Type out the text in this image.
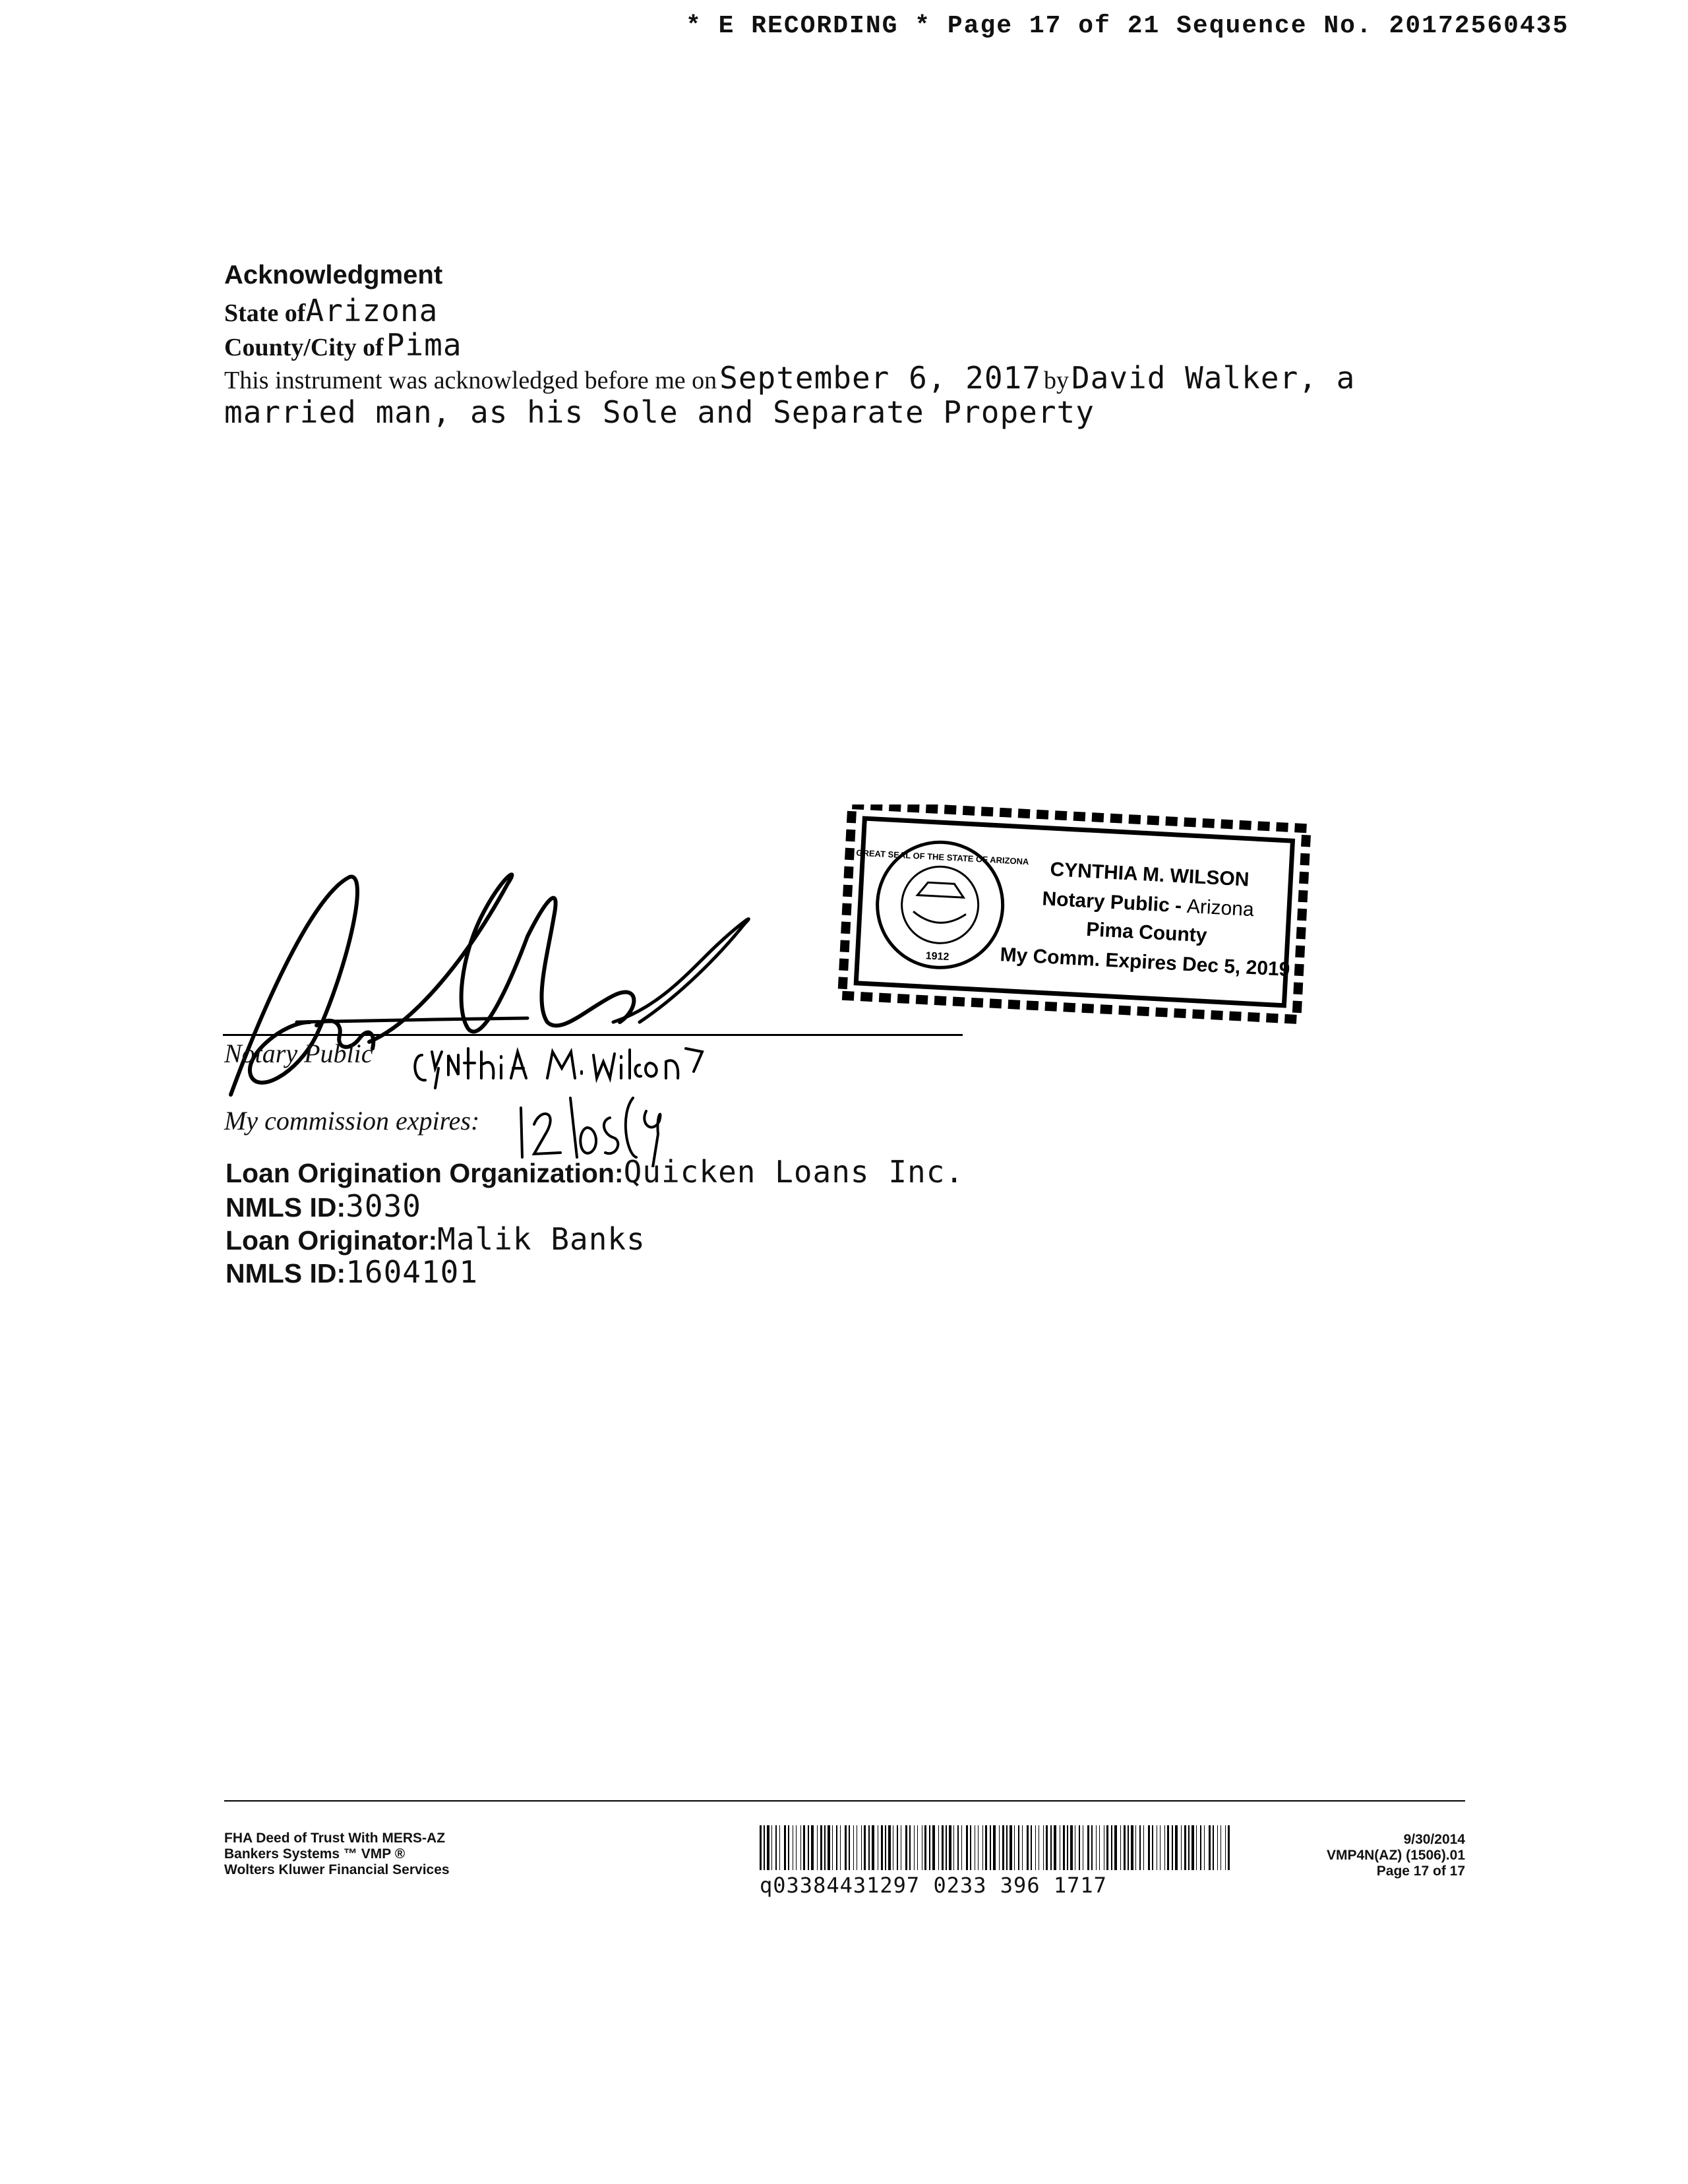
* E RECORDING * Page 17 of 21 Sequence No. 20172560435
Acknowledgment
State ofArizona
County/City of Pima
This instrument was acknowledged before me on September 6, 2017 by David Walker, a
married man, as his Sole and Separate Property
GREAT SEAL OF THE STATE OF ARIZONA
1912
CYNTHIA M. WILSON
Notary Public - Arizona
Pima County
My Comm. Expires Dec 5, 2019
Notary Public
My commission expires:
Loan Origination Organization:Quicken Loans Inc.
NMLS ID:3030
Loan Originator:Malik Banks
NMLS ID:1604101
FHA Deed of Trust With MERS-AZ
Bankers Systems ™ VMP ®
Wolters Kluwer Financial Services
q03384431297 0233 396 1717
9/30/2014
VMP4N(AZ) (1506).01
Page 17 of 17
